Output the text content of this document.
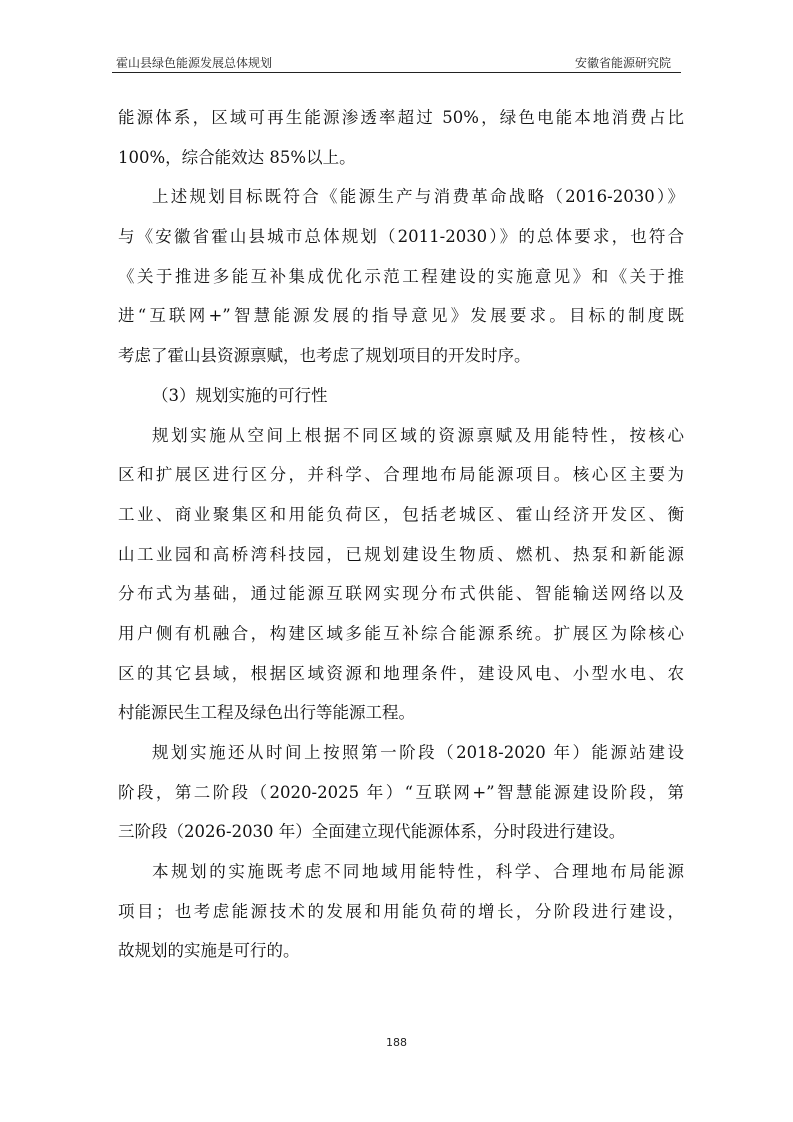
霍山县绿色能源发展总体规划	安徽省能源研究院
能源体系，区域可再生能源渗透率超过 50%，绿色电能本地消费占比
100%，综合能效达 85%以上。
上述规划目标既符合《能源生产与消费革命战略（2016-2030）》
与《安徽省霍山县城市总体规划（2011-2030）》的总体要求，也符合
《关于推进多能互补集成优化示范工程建设的实施意见》和《关于推
进“互联网+”智慧能源发展的指导意见》发展要求。目标的制度既
考虑了霍山县资源禀赋，也考虑了规划项目的开发时序。
（3）规划实施的可行性
规划实施从空间上根据不同区域的资源禀赋及用能特性，按核心
区和扩展区进行区分，并科学、合理地布局能源项目。核心区主要为
工业、商业聚集区和用能负荷区，包括老城区、霍山经济开发区、衡
山工业园和高桥湾科技园，已规划建设生物质、燃机、热泵和新能源
分布式为基础，通过能源互联网实现分布式供能、智能输送网络以及
用户侧有机融合，构建区域多能互补综合能源系统。扩展区为除核心
区的其它县域，根据区域资源和地理条件，建设风电、小型水电、农
村能源民生工程及绿色出行等能源工程。
规划实施还从时间上按照第一阶段（2018-2020 年）能源站建设
阶段，第二阶段（2020-2025 年）“互联网+”智慧能源建设阶段，第
三阶段（2026-2030 年）全面建立现代能源体系，分时段进行建设。
本规划的实施既考虑不同地域用能特性，科学、合理地布局能源
项目；也考虑能源技术的发展和用能负荷的增长，分阶段进行建设，
故规划的实施是可行的。
188
